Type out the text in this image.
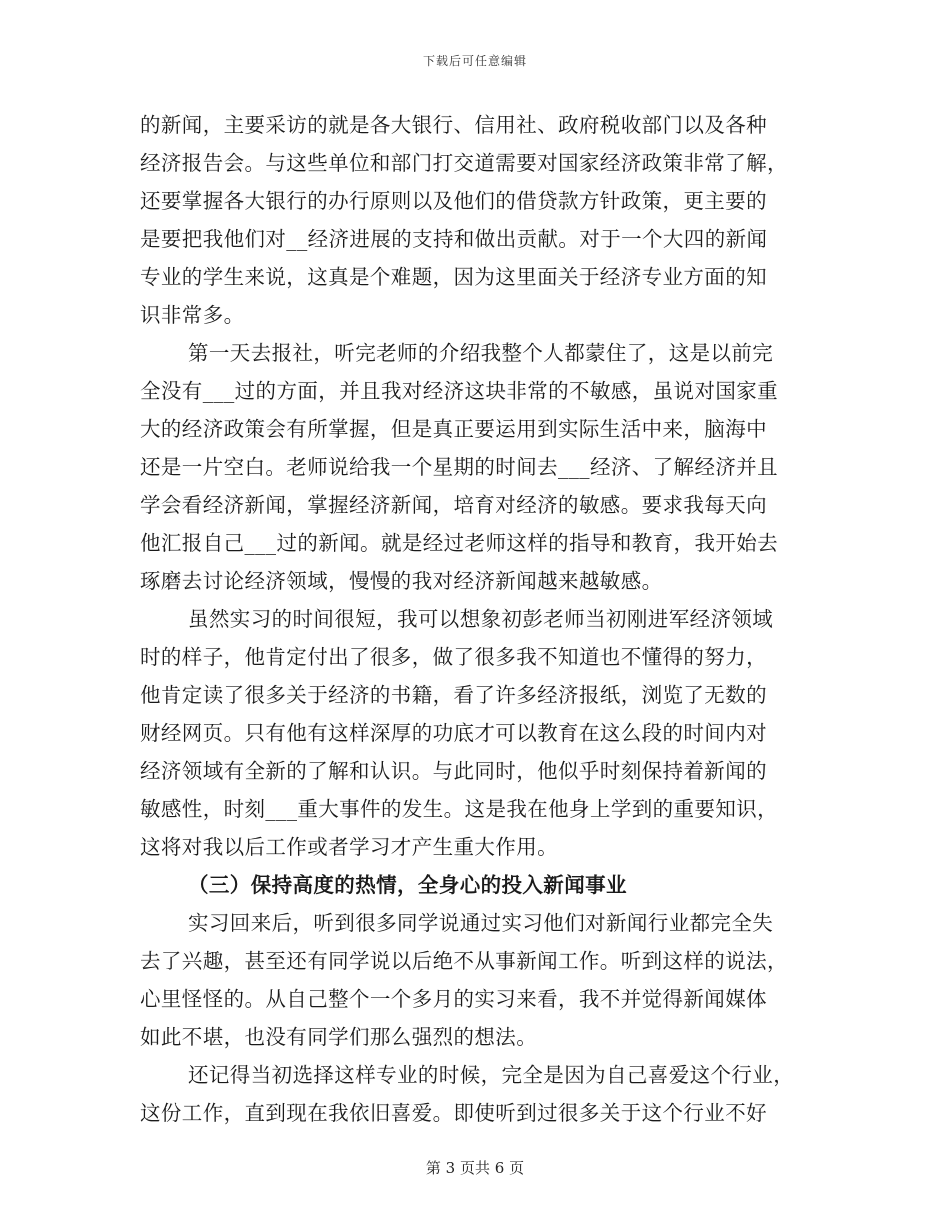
下载后可任意编辑
的新闻，主要采访的就是各大银行、信用社、政府税收部门以及各种
经济报告会。与这些单位和部门打交道需要对国家经济政策非常了解，
还要掌握各大银行的办行原则以及他们的借贷款方针政策，更主要的
是要把我他们对__经济进展的支持和做出贡献。对于一个大四的新闻
专业的学生来说，这真是个难题，因为这里面关于经济专业方面的知
识非常多。
第一天去报社，听完老师的介绍我整个人都蒙住了，这是以前完
全没有___过的方面，并且我对经济这块非常的不敏感，虽说对国家重
大的经济政策会有所掌握，但是真正要运用到实际生活中来，脑海中
还是一片空白。老师说给我一个星期的时间去___经济、了解经济并且
学会看经济新闻，掌握经济新闻，培育对经济的敏感。要求我每天向
他汇报自己___过的新闻。就是经过老师这样的指导和教育，我开始去
琢磨去讨论经济领域，慢慢的我对经济新闻越来越敏感。
虽然实习的时间很短，我可以想象初彭老师当初刚进军经济领域
时的样子，他肯定付出了很多，做了很多我不知道也不懂得的努力，
他肯定读了很多关于经济的书籍，看了许多经济报纸，浏览了无数的
财经网页。只有他有这样深厚的功底才可以教育在这么段的时间内对
经济领域有全新的了解和认识。与此同时，他似乎时刻保持着新闻的
敏感性，时刻___重大事件的发生。这是我在他身上学到的重要知识，
这将对我以后工作或者学习才产生重大作用。
（三）保持高度的热情，全身心的投入新闻事业
实习回来后，听到很多同学说通过实习他们对新闻行业都完全失
去了兴趣，甚至还有同学说以后绝不从事新闻工作。听到这样的说法，
心里怪怪的。从自己整个一个多月的实习来看，我不并觉得新闻媒体
如此不堪，也没有同学们那么强烈的想法。
还记得当初选择这样专业的时候，完全是因为自己喜爱这个行业，
这份工作，直到现在我依旧喜爱。即使听到过很多关于这个行业不好
第 3 页共 6 页
